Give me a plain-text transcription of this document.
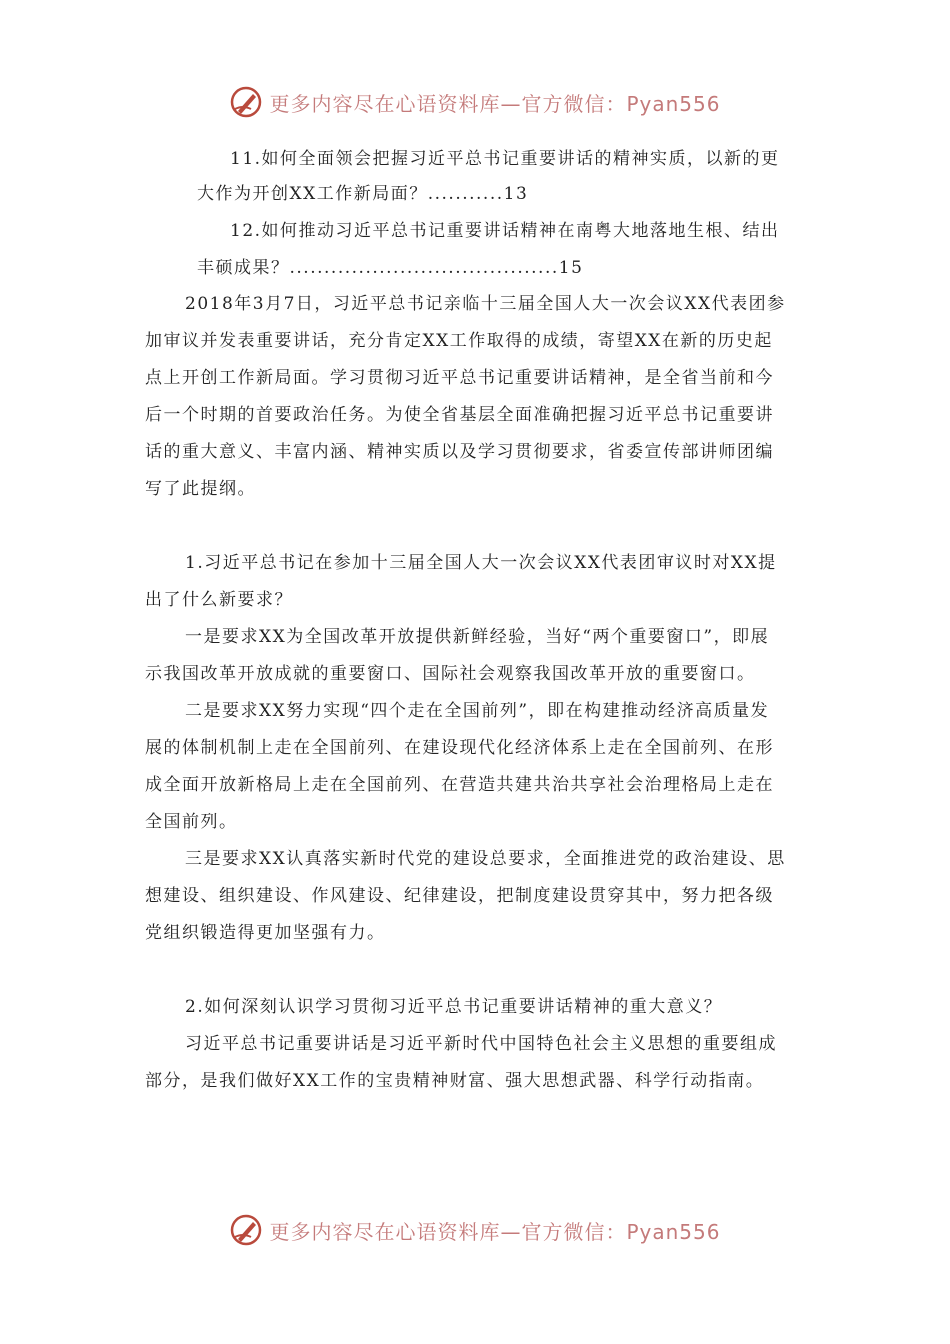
更多内容尽在心语资料库—官方微信：Pyan556
11.如何全面领会把握习近平总书记重要讲话的精神实质，以新的更
大作为开创XX工作新局面？...........13
12.如何推动习近平总书记重要讲话精神在南粤大地落地生根、结出
丰硕成果？.......................................15
2018年3月7日，习近平总书记亲临十三届全国人大一次会议XX代表团参
加审议并发表重要讲话，充分肯定XX工作取得的成绩，寄望XX在新的历史起
点上开创工作新局面。学习贯彻习近平总书记重要讲话精神，是全省当前和今
后一个时期的首要政治任务。为使全省基层全面准确把握习近平总书记重要讲
话的重大意义、丰富内涵、精神实质以及学习贯彻要求，省委宣传部讲师团编
写了此提纲。
1.习近平总书记在参加十三届全国人大一次会议XX代表团审议时对XX提
出了什么新要求？
一是要求XX为全国改革开放提供新鲜经验，当好“两个重要窗口”，即展
示我国改革开放成就的重要窗口、国际社会观察我国改革开放的重要窗口。
二是要求XX努力实现“四个走在全国前列”，即在构建推动经济高质量发
展的体制机制上走在全国前列、在建设现代化经济体系上走在全国前列、在形
成全面开放新格局上走在全国前列、在营造共建共治共享社会治理格局上走在
全国前列。
三是要求XX认真落实新时代党的建设总要求，全面推进党的政治建设、思
想建设、组织建设、作风建设、纪律建设，把制度建设贯穿其中，努力把各级
党组织锻造得更加坚强有力。
2.如何深刻认识学习贯彻习近平总书记重要讲话精神的重大意义？
习近平总书记重要讲话是习近平新时代中国特色社会主义思想的重要组成
部分，是我们做好XX工作的宝贵精神财富、强大思想武器、科学行动指南。
更多内容尽在心语资料库—官方微信：Pyan556
